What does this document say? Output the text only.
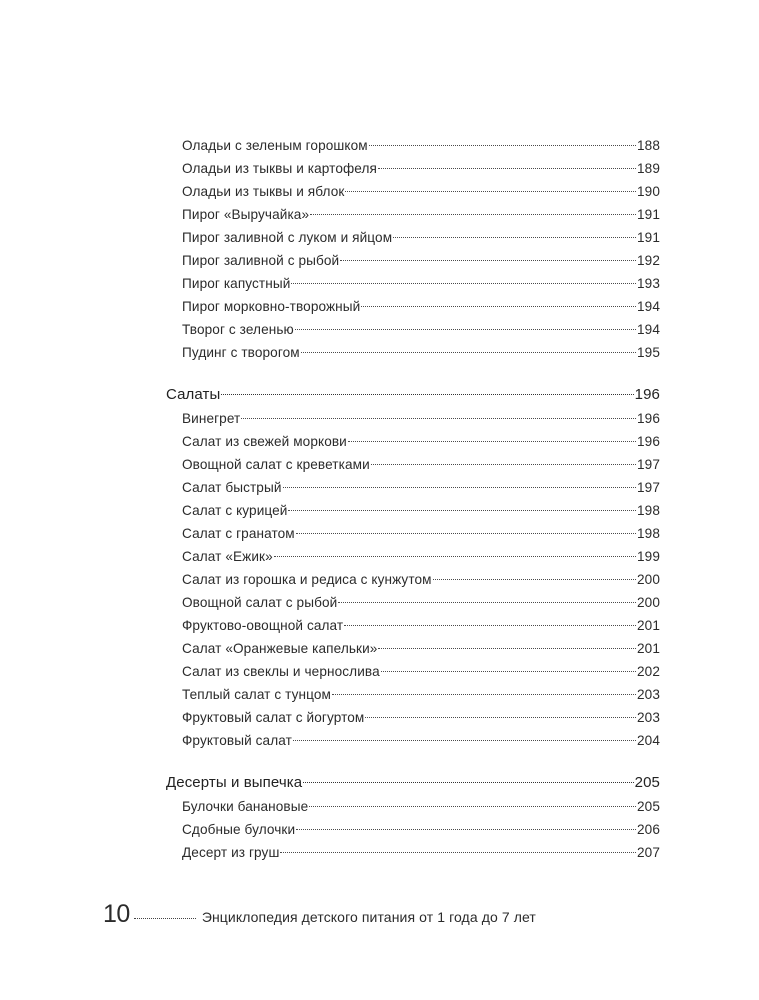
Оладьи с зеленым горошком	188
Оладьи из тыквы и картофеля	189
Оладьи из тыквы и яблок	190
Пирог «Выручайка»	191
Пирог заливной с луком и яйцом	191
Пирог заливной с рыбой	192
Пирог капустный	193
Пирог морковно-творожный	194
Творог с зеленью	194
Пудинг с творогом	195
Салаты	196
Винегрет	196
Салат из свежей моркови	196
Овощной салат с креветками	197
Салат быстрый	197
Салат с курицей	198
Салат с гранатом	198
Салат «Ежик»	199
Салат из горошка и редиса с кунжутом	200
Овощной салат с рыбой	200
Фруктово-овощной салат	201
Салат «Оранжевые капельки»	201
Салат из свеклы и чернослива	202
Теплый салат с тунцом	203
Фруктовый салат с йогуртом	203
Фруктовый салат	204
Десерты и выпечка	205
Булочки банановые	205
Сдобные булочки	206
Десерт из груш	207
10	Энциклопедия детского питания от 1 года до 7 лет
